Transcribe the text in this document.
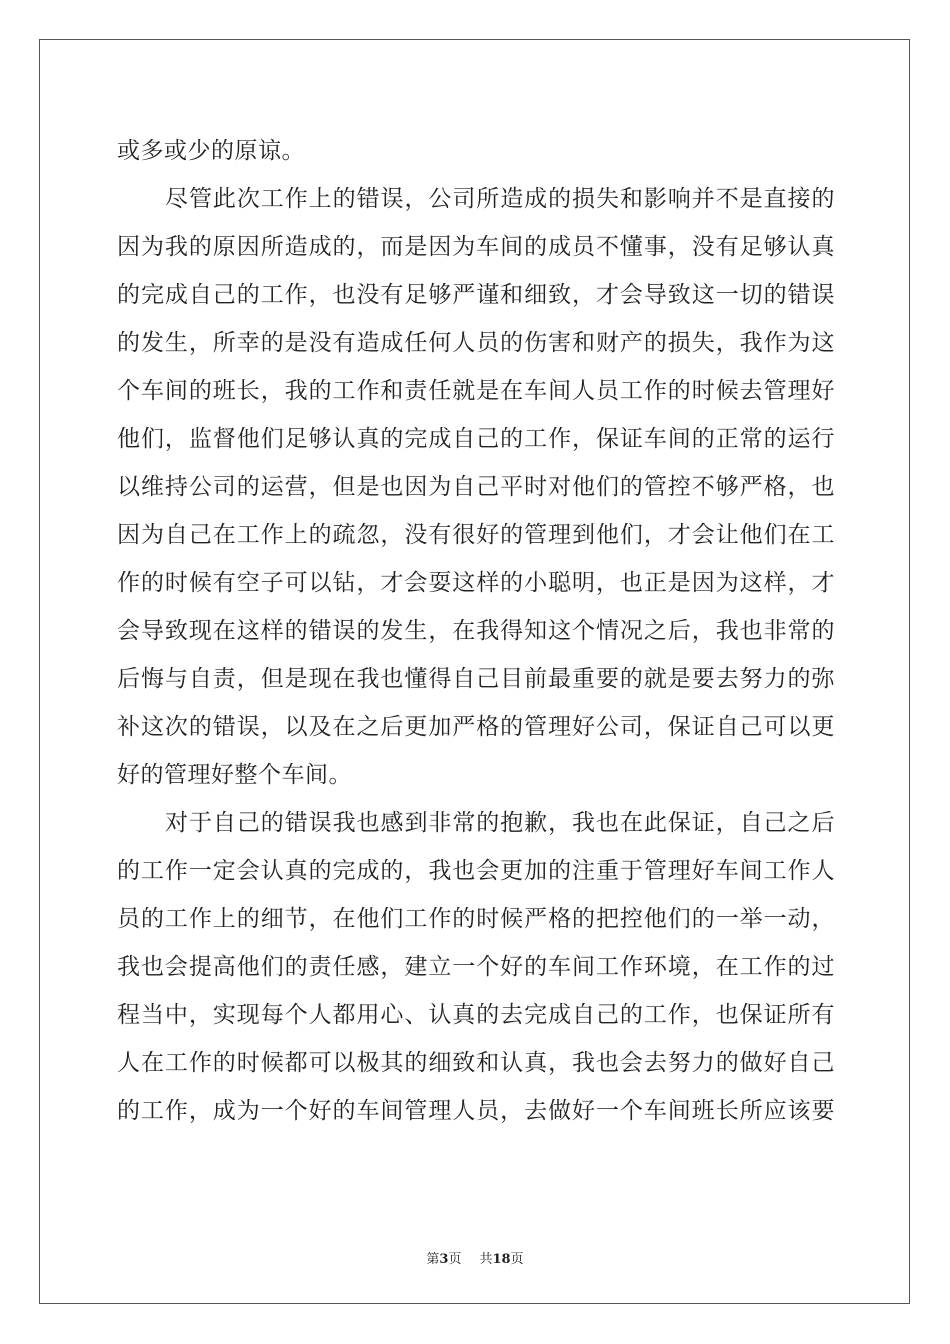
或多或少的原谅。
尽管此次工作上的错误，公司所造成的损失和影响并不是直接的
因为我的原因所造成的，而是因为车间的成员不懂事，没有足够认真
的完成自己的工作，也没有足够严谨和细致，才会导致这一切的错误
的发生，所幸的是没有造成任何人员的伤害和财产的损失，我作为这
个车间的班长，我的工作和责任就是在车间人员工作的时候去管理好
他们，监督他们足够认真的完成自己的工作，保证车间的正常的运行
以维持公司的运营，但是也因为自己平时对他们的管控不够严格，也
因为自己在工作上的疏忽，没有很好的管理到他们，才会让他们在工
作的时候有空子可以钻，才会耍这样的小聪明，也正是因为这样，才
会导致现在这样的错误的发生，在我得知这个情况之后，我也非常的
后悔与自责，但是现在我也懂得自己目前最重要的就是要去努力的弥
补这次的错误，以及在之后更加严格的管理好公司，保证自己可以更
好的管理好整个车间。
对于自己的错误我也感到非常的抱歉，我也在此保证，自己之后
的工作一定会认真的完成的，我也会更加的注重于管理好车间工作人
员的工作上的细节，在他们工作的时候严格的把控他们的一举一动，
我也会提高他们的责任感，建立一个好的车间工作环境，在工作的过
程当中，实现每个人都用心、认真的去完成自己的工作，也保证所有
人在工作的时候都可以极其的细致和认真，我也会去努力的做好自己
的工作，成为一个好的车间管理人员，去做好一个车间班长所应该要
第3页 共18页
